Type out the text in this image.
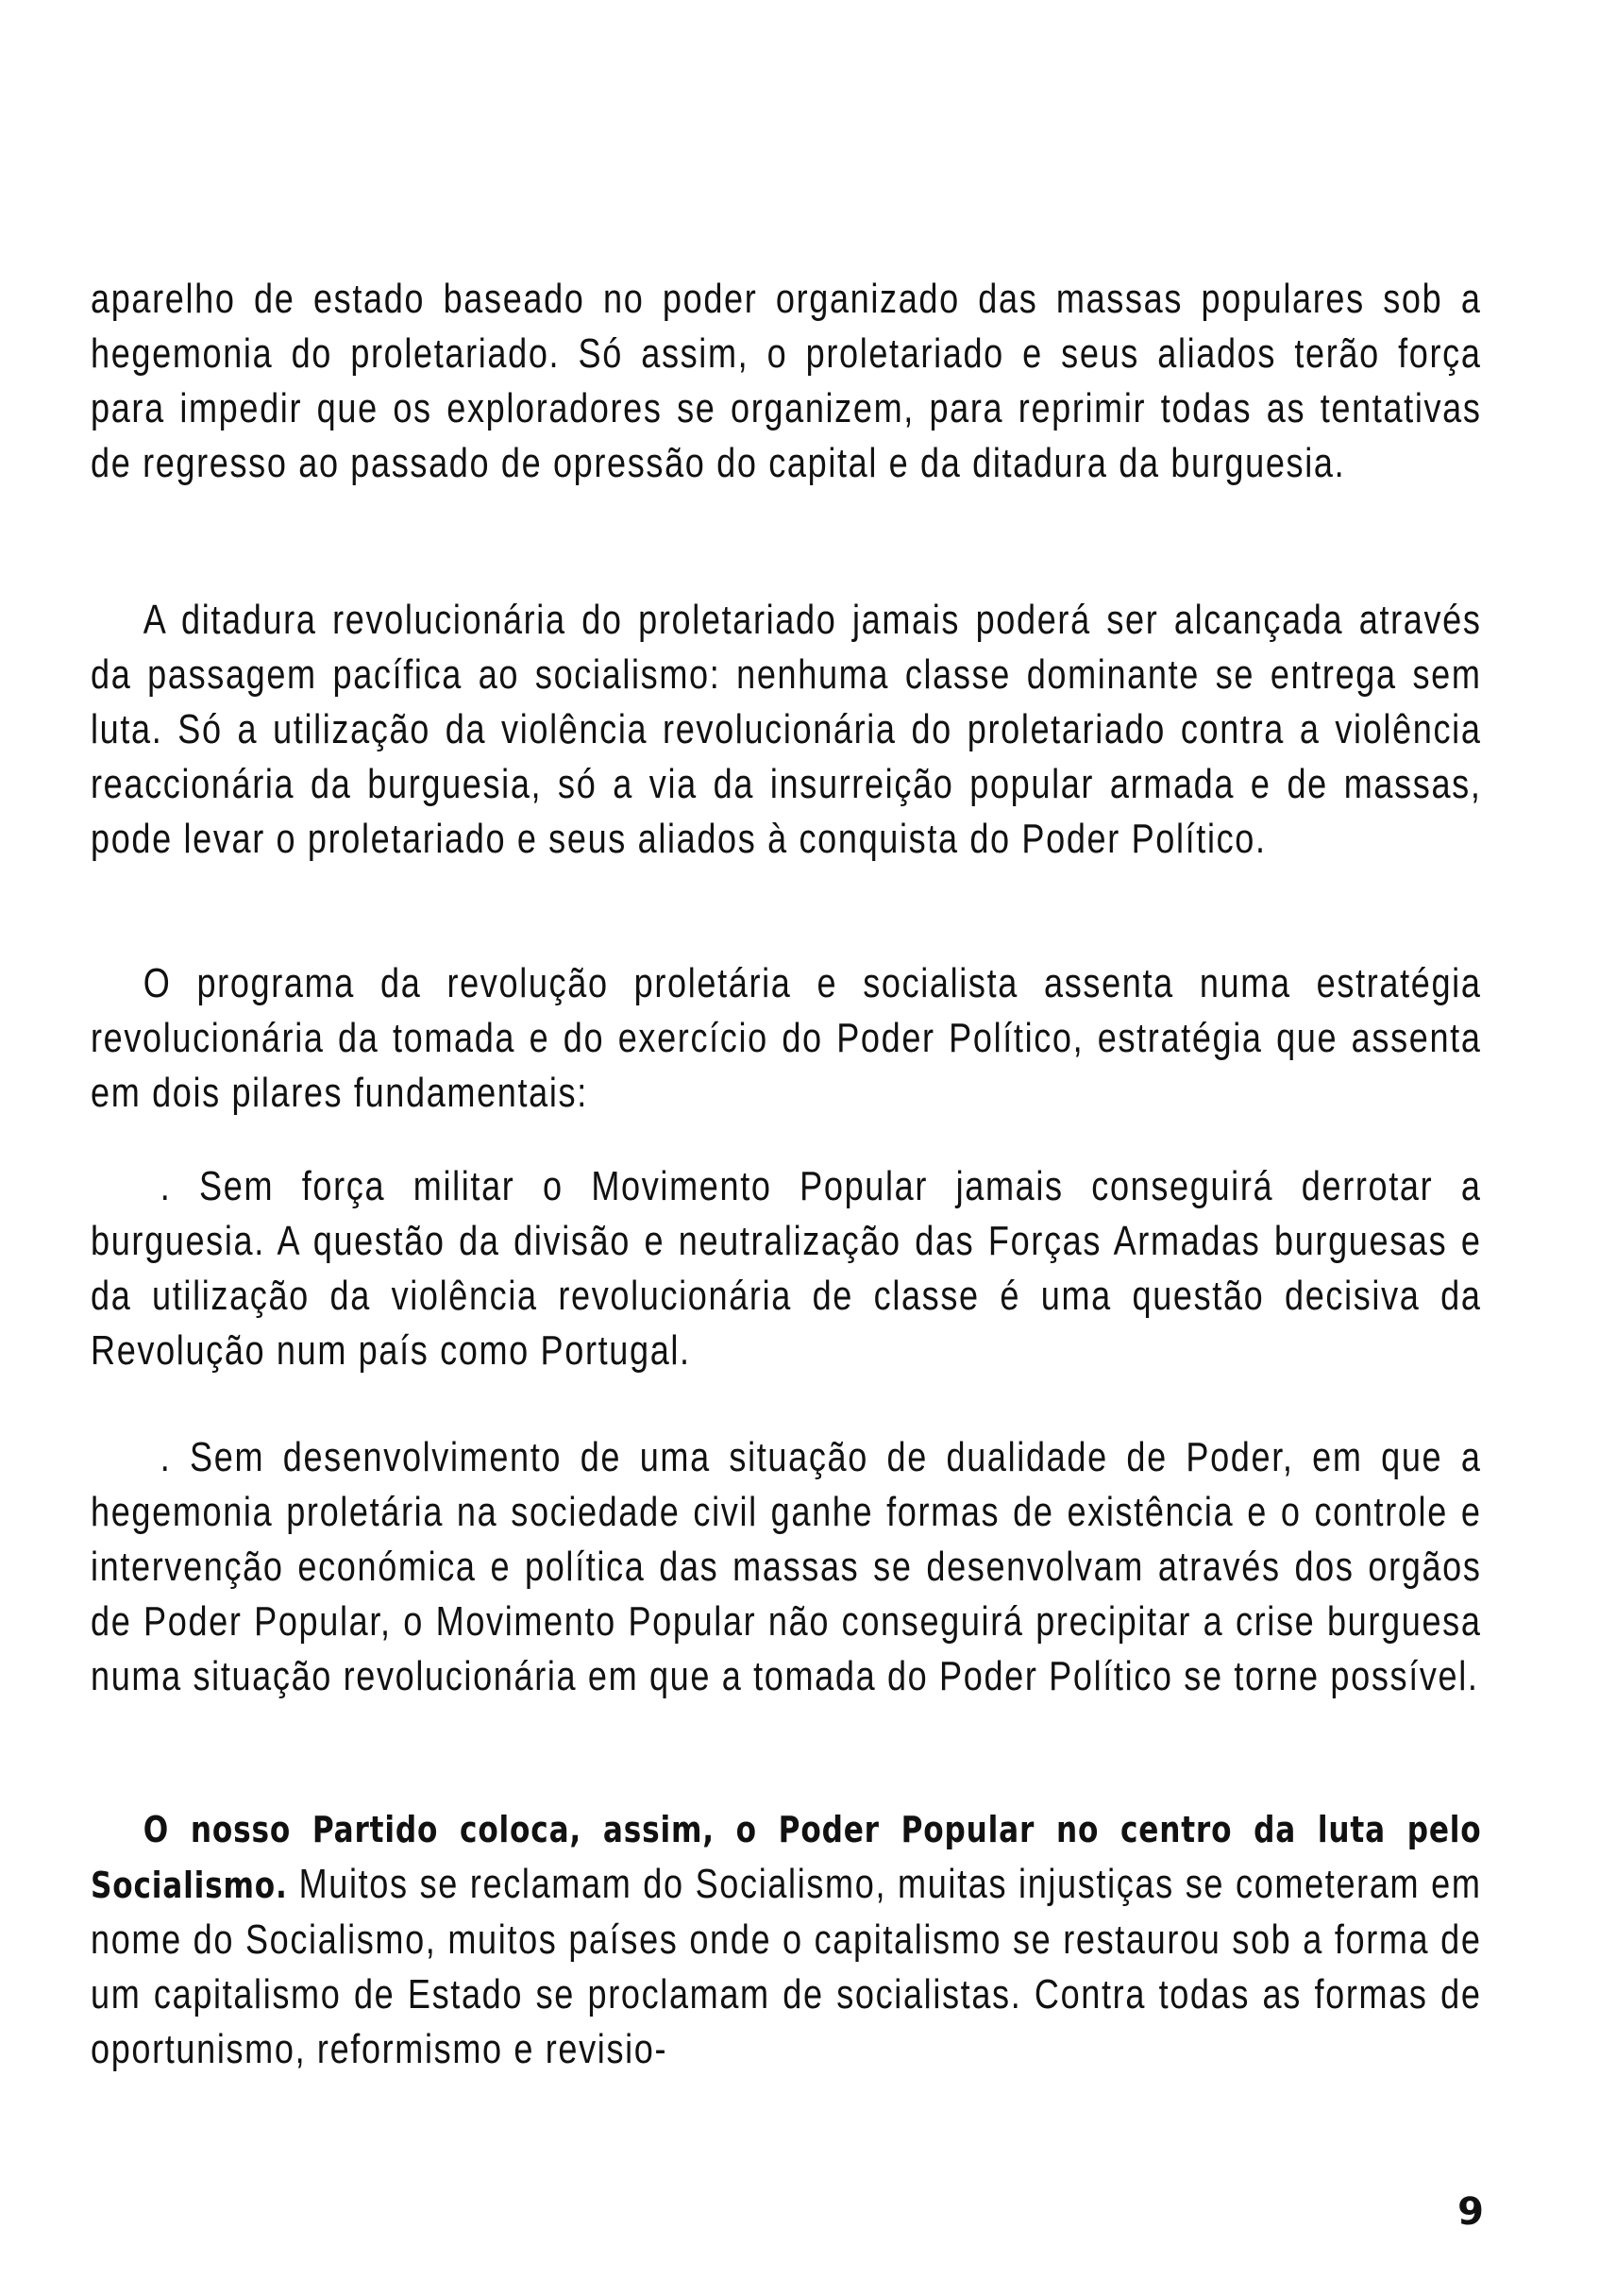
aparelho de estado baseado no poder organizado das massas populares sob a hegemonia do proletariado. Só assim, o proletariado e seus aliados terão força para impedir que os exploradores se organizem, para reprimir todas as tentativas de regresso ao passado de opressão do capital e da ditadura da burguesia.

A ditadura revolucionária do proletariado jamais poderá ser alcançada através da passagem pacífica ao socialismo: nenhuma classe dominante se entrega sem luta. Só a utilização da violência revolucionária do proletariado contra a violência reaccionária da burguesia, só a via da insurreição popular armada e de massas, pode levar o proletariado e seus aliados à conquista do Poder Político.

O programa da revolução proletária e socialista assenta numa estratégia revolucionária da tomada e do exercício do Poder Político, estratégia que assenta em dois pilares fundamentais:

. Sem força militar o Movimento Popular jamais conseguirá derrotar a burguesia. A questão da divisão e neutralização das Forças Armadas burguesas e da utilização da violência revolucionária de classe é uma questão decisiva da Revolução num país como Portugal.

. Sem desenvolvimento de uma situação de dualidade de Poder, em que a hegemonia proletária na sociedade civil ganhe formas de existência e o controle e intervenção económica e política das massas se desenvolvam através dos orgãos de Poder Popular, o Movimento Popular não conseguirá precipitar a crise burguesa numa situação revolucionária em que a tomada do Poder Político se torne possível.

O nosso Partido coloca, assim, o Poder Popular no centro da luta pelo Socialismo. Muitos se reclamam do Socialismo, muitas injustiças se cometeram em nome do Socialismo, muitos países onde o capitalismo se restaurou sob a forma de um capitalismo de Estado se proclamam de socialistas. Contra todas as formas de oportunismo, reformismo e revisio-

9
